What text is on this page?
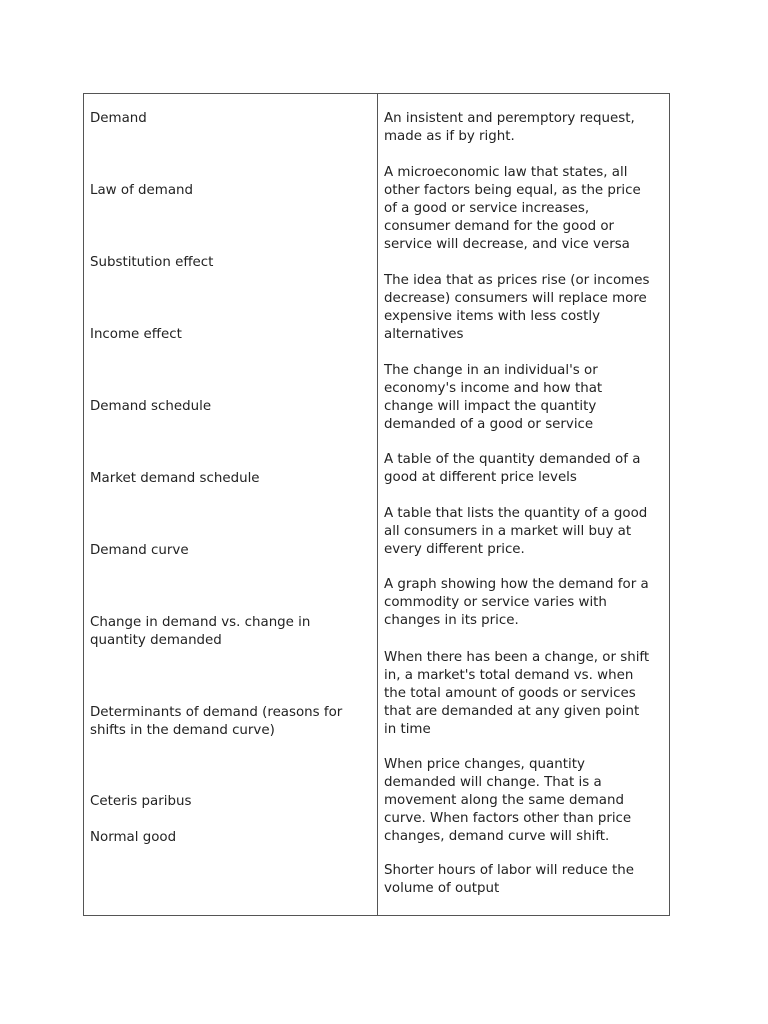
Demand

Law of demand

Substitution effect

Income effect

Demand schedule

Market demand schedule

Demand curve

Change in demand vs. change in
quantity demanded

Determinants of demand (reasons for
shifts in the demand curve)

Ceteris paribus

Normal good

An insistent and peremptory request,
made as if by right.

A microeconomic law that states, all
other factors being equal, as the price
of a good or service increases,
consumer demand for the good or
service will decrease, and vice versa

The idea that as prices rise (or incomes
decrease) consumers will replace more
expensive items with less costly
alternatives

The change in an individual's or
economy's income and how that
change will impact the quantity
demanded of a good or service

A table of the quantity demanded of a
good at different price levels

A table that lists the quantity of a good
all consumers in a market will buy at
every different price.

A graph showing how the demand for a
commodity or service varies with
changes in its price.

When there has been a change, or shift
in, a market's total demand vs. when
the total amount of goods or services
that are demanded at any given point
in time

When price changes, quantity
demanded will change. That is a
movement along the same demand
curve. When factors other than price
changes, demand curve will shift.

Shorter hours of labor will reduce the
volume of output
